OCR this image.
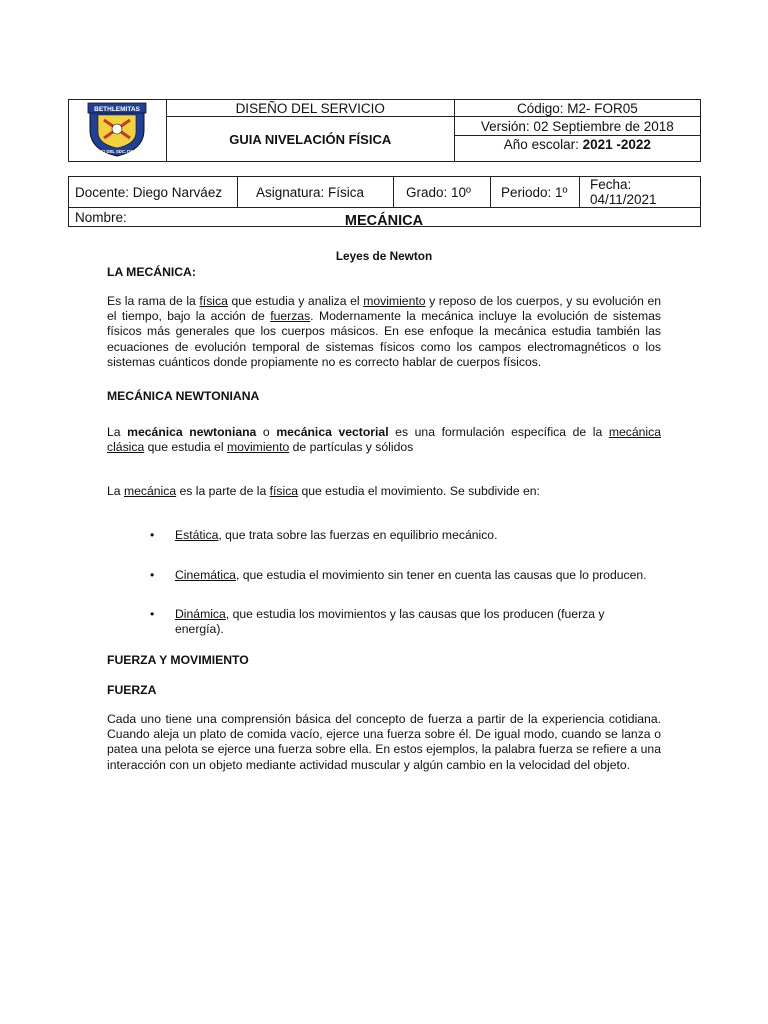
BETHLEMITAS
COLEGIO DEL SDC. DE JESUS	DISEÑO DEL SERVICIO	Código: M2- FOR05
	GUIA NIVELACIÓN FÍSICA	Versión: 02 Septiembre de 2018
		Año escolar: 2021 -2022
Docente: Diego Narváez	Asignatura: Física	Grado: 10º	Periodo: 1º	Fecha: 04/11/2021
Nombre:	MECÁNICA
Leyes de Newton
LA MECÁNICA:
Es la rama de la física que estudia y analiza el movimiento y reposo de los cuerpos, y su evolución en el tiempo, bajo la acción de fuerzas. Modernamente la mecánica incluye la evolución de sistemas físicos más generales que los cuerpos másicos. En ese enfoque la mecánica estudia también las ecuaciones de evolución temporal de sistemas físicos como los campos electromagnéticos o los sistemas cuánticos donde propiamente no es correcto hablar de cuerpos físicos.
MECÁNICA NEWTONIANA
La mecánica newtoniana o mecánica vectorial es una formulación específica de la mecánica clásica que estudia el movimiento de partículas y sólidos
La mecánica es la parte de la física que estudia el movimiento. Se subdivide en:
• Estática, que trata sobre las fuerzas en equilibrio mecánico.
• Cinemática, que estudia el movimiento sin tener en cuenta las causas que lo producen.
• Dinámica, que estudia los movimientos y las causas que los producen (fuerza y energía).
FUERZA Y MOVIMIENTO
FUERZA
Cada uno tiene una comprensión básica del concepto de fuerza a partir de la experiencia cotidiana. Cuando aleja un plato de comida vacío, ejerce una fuerza sobre él. De igual modo, cuando se lanza o patea una pelota se ejerce una fuerza sobre ella. En estos ejemplos, la palabra fuerza se refiere a una interacción con un objeto mediante actividad muscular y algún cambio en la velocidad del objeto.
